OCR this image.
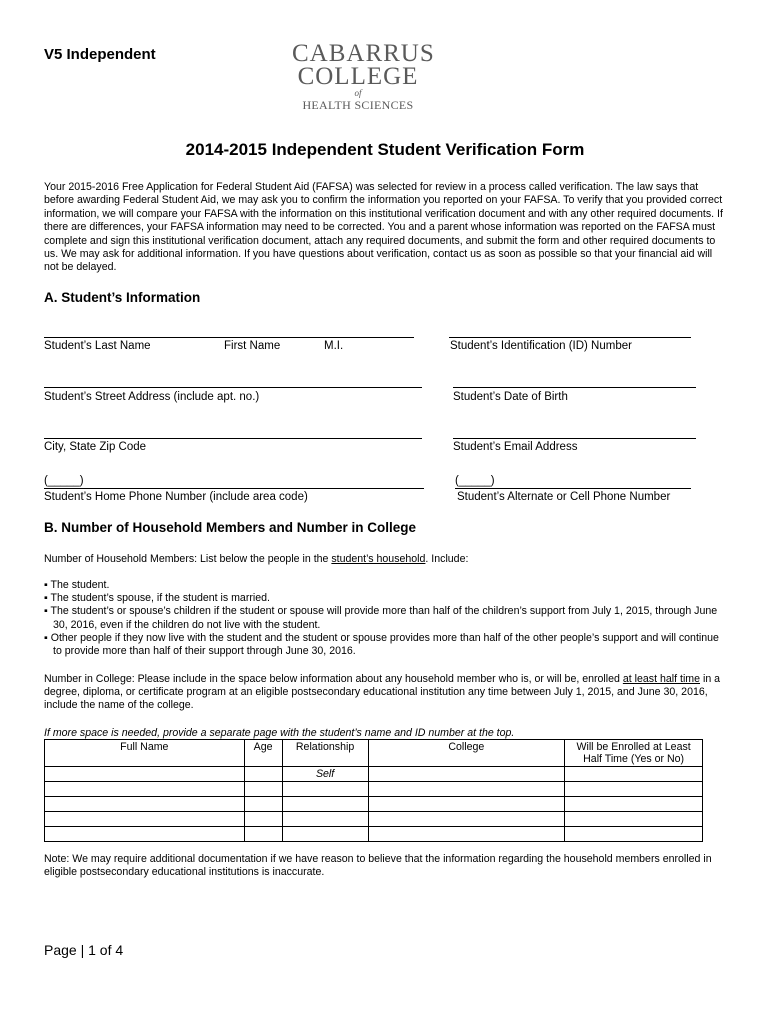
V5 Independent	CABARRUS
COLLEGE
of
HEALTH SCIENCES
2014-2015 Independent Student Verification Form
Your 2015-2016 Free Application for Federal Student Aid (FAFSA) was selected for review in a process called verification. The law says that before awarding Federal Student Aid, we may ask you to confirm the information you reported on your FAFSA. To verify that you provided correct information, we will compare your FAFSA with the information on this institutional verification document and with any other required documents. If there are differences, your FAFSA information may need to be corrected. You and a parent whose information was reported on the FAFSA must complete and sign this institutional verification document, attach any required documents, and submit the form and other required documents to us. We may ask for additional information. If you have questions about verification, contact us as soon as possible so that your financial aid will not be delayed.
A. Student’s Information
Student’s Last Name	First Name	M.I.	Student’s Identification (ID) Number
Student’s Street Address (include apt. no.)	Student’s Date of Birth
City, State Zip Code	Student’s Email Address
(_____)	(_____)
Student’s Home Phone Number (include area code)	Student’s Alternate or Cell Phone Number
B. Number of Household Members and Number in College
Number of Household Members: List below the people in the student’s household. Include:
▪ The student.
▪ The student’s spouse, if the student is married.
▪ The student’s or spouse’s children if the student or spouse will provide more than half of the children’s support from July 1, 2015, through June 30, 2016, even if the children do not live with the student.
▪ Other people if they now live with the student and the student or spouse provides more than half of the other people’s support and will continue to provide more than half of their support through June 30, 2016.
Number in College: Please include in the space below information about any household member who is, or will be, enrolled at least half time in a degree, diploma, or certificate program at an eligible postsecondary educational institution any time between July 1, 2015, and June 30, 2016, include the name of the college.
If more space is needed, provide a separate page with the student’s name and ID number at the top.
Full Name	Age	Relationship	College	Will be Enrolled at Least Half Time (Yes or No)
		Self		

Note: We may require additional documentation if we have reason to believe that the information regarding the household members enrolled in eligible postsecondary educational institutions is inaccurate.
Page | 1 of 4
